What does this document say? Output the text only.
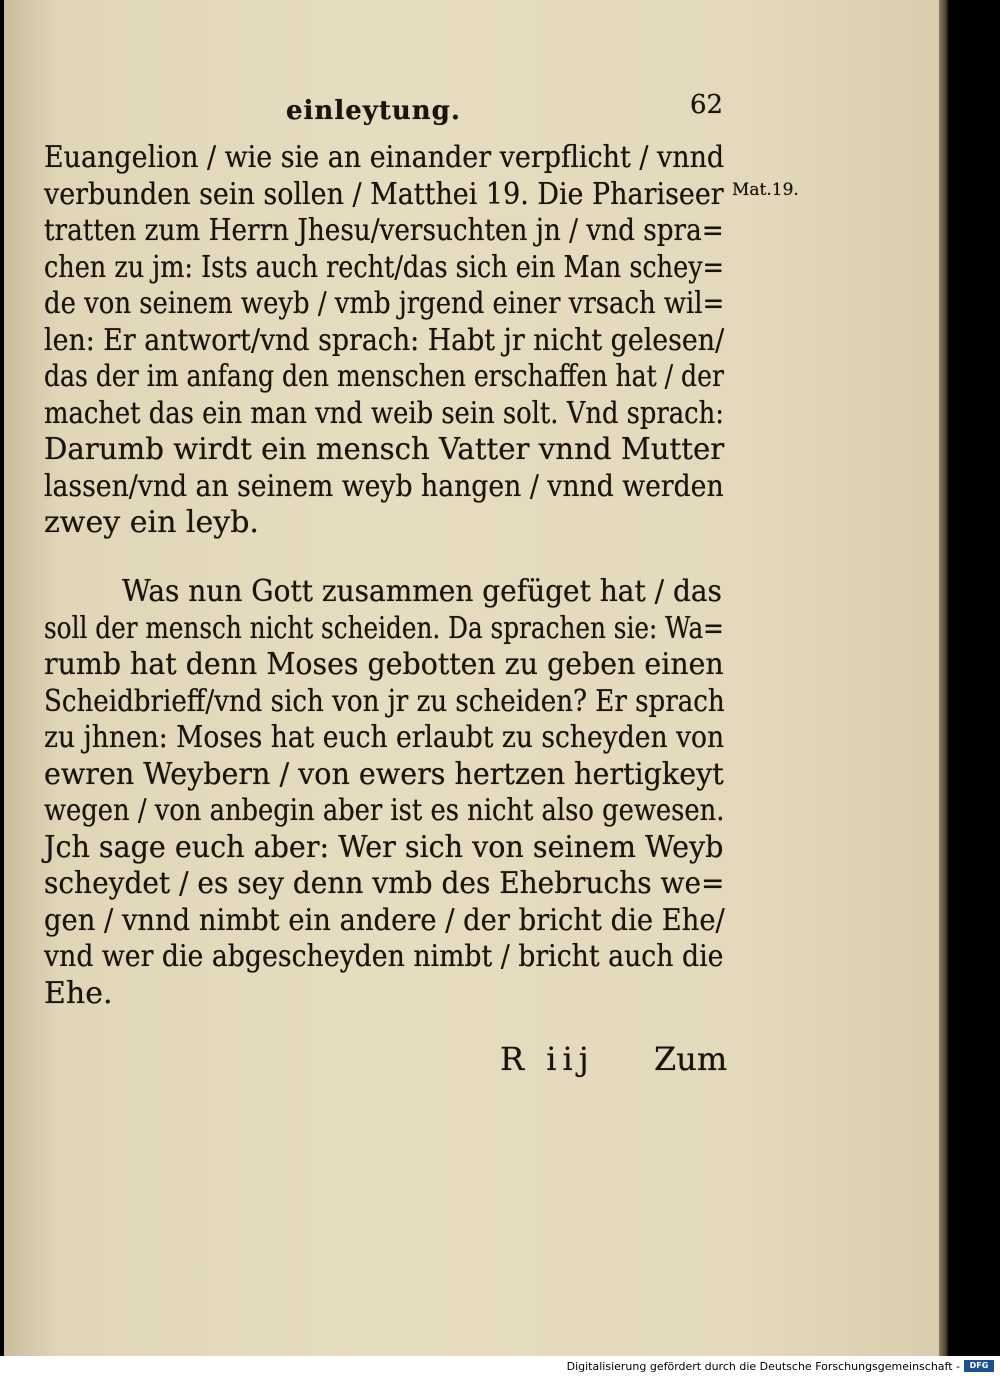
einleytung.	62
Mat.19.
Euangelion / wie sie an einander verpflicht / vnnd
verbunden sein sollen / Matthei 19. Die Phariseer
tratten zum Herrn Jhesu/versuchten jn / vnd spra=
chen zu jm: Ists auch recht/das sich ein Man schey=
de von seinem weyb / vmb jrgend einer vrsach wil=
len: Er antwort/vnd sprach: Habt jr nicht gelesen/
das der im anfang den menschen erschaffen hat / der
machet das ein man vnd weib sein solt. Vnd sprach:
Darumb wirdt ein mensch Vatter vnnd Mutter
lassen/vnd an seinem weyb hangen / vnnd werden
zwey ein leyb.
Was nun Gott zusammen gefüget hat / das
soll der mensch nicht scheiden. Da sprachen sie: Wa=
rumb hat denn Moses gebotten zu geben einen
Scheidbrieff/vnd sich von jr zu scheiden? Er sprach
zu jhnen: Moses hat euch erlaubt zu scheyden von
ewren Weybern / von ewers hertzen hertigkeyt
wegen / von anbegin aber ist es nicht also gewesen.
Jch sage euch aber: Wer sich von seinem Weyb
scheydet / es sey denn vmb des Ehebruchs we=
gen / vnnd nimbt ein andere / der bricht die Ehe/
vnd wer die abgescheyden nimbt / bricht auch die
Ehe.
R iij Zum
Digitalisierung gefördert durch die Deutsche Forschungsgemeinschaft -	DFG
